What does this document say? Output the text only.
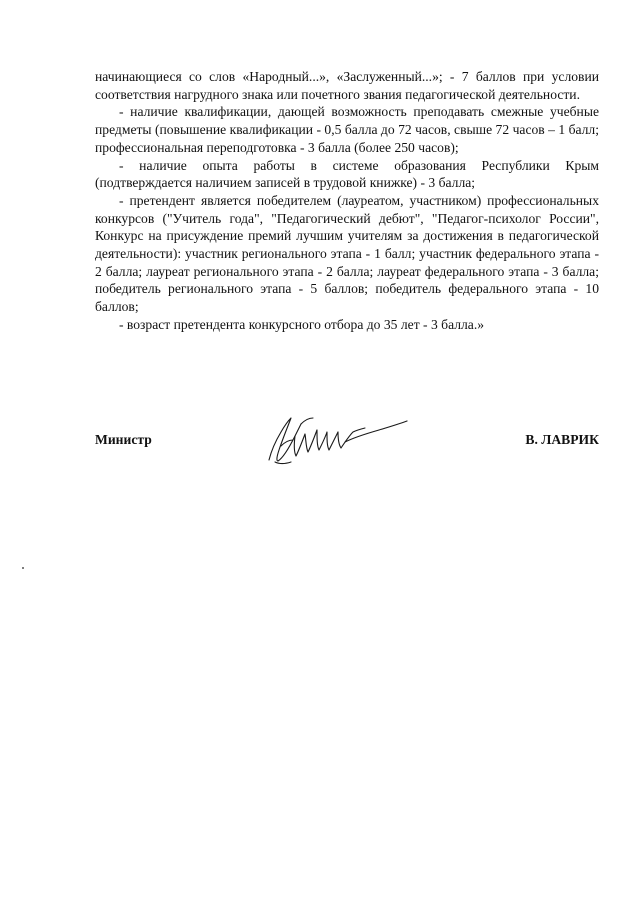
начинающиеся со слов «Народный...», «Заслуженный...»; - 7 баллов при условии соответствия нагрудного знака или почетного звания педагогической деятельности.

- наличие квалификации, дающей возможность преподавать смежные учебные предметы (повышение квалификации - 0,5 балла до 72 часов, свыше 72 часов – 1 балл; профессиональная переподготовка - 3 балла (более 250 часов);

- наличие опыта работы в системе образования Республики Крым (подтверждается наличием записей в трудовой книжке) - 3 балла;

- претендент является победителем (лауреатом, участником) профессиональных конкурсов ("Учитель года", "Педагогический дебют", "Педагог-психолог России", Конкурс на присуждение премий лучшим учителям за достижения в педагогической деятельности): участник регионального этапа - 1 балл; участник федерального этапа - 2 балла; лауреат регионального этапа - 2 балла; лауреат федерального этапа - 3 балла; победитель регионального этапа - 5 баллов; победитель федерального этапа - 10 баллов;

- возраст претендента конкурсного отбора до 35 лет - 3 балла.»

Министр	В. ЛАВРИК
